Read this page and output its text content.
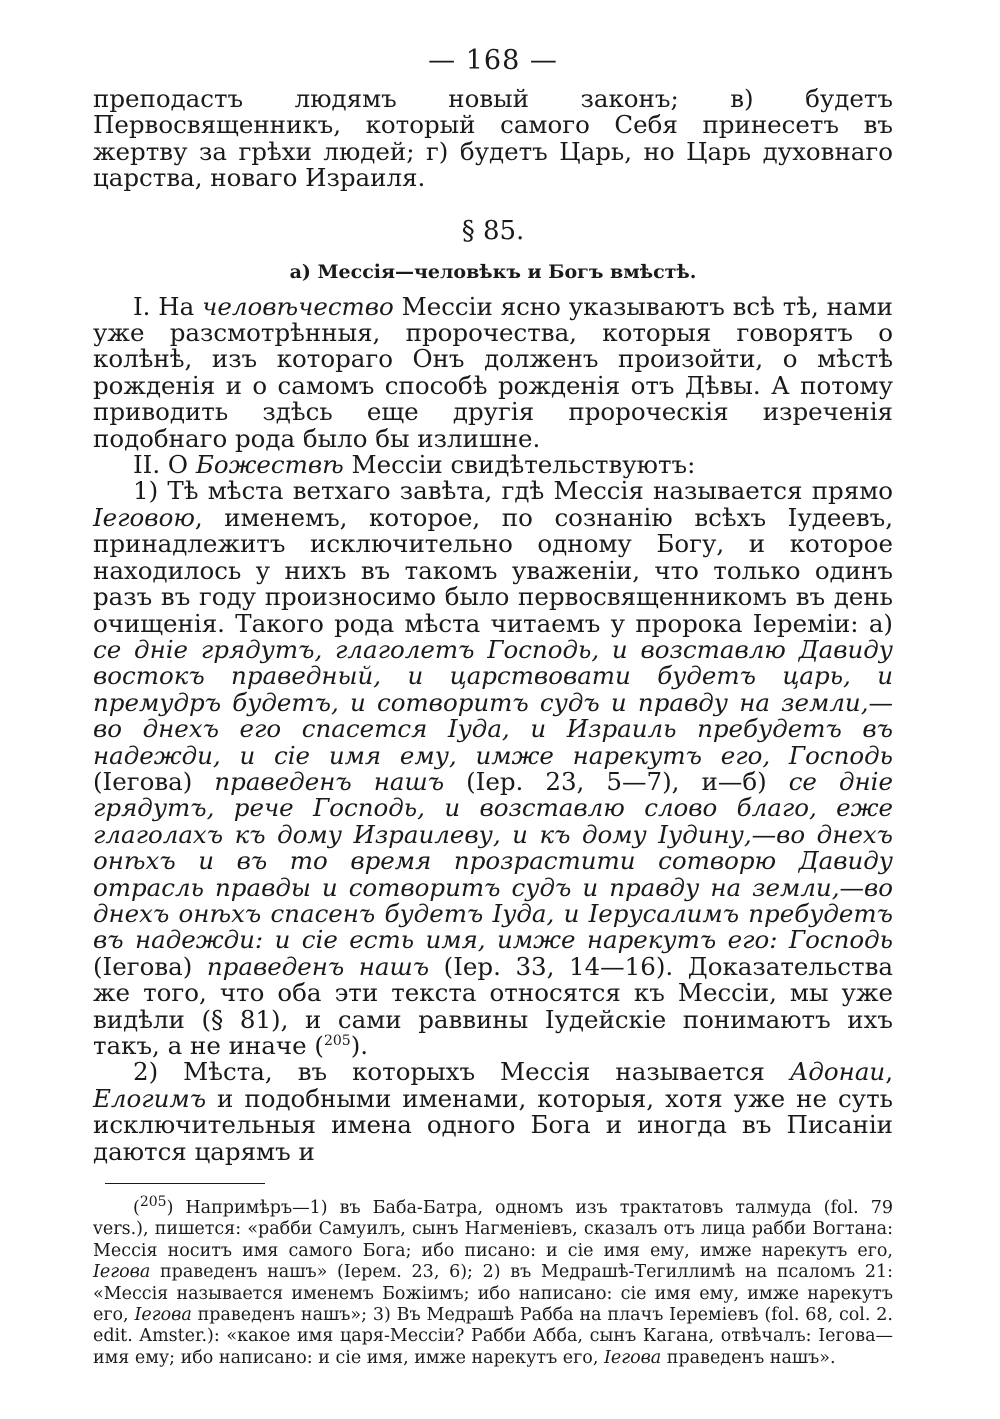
— 168 —

преподастъ людямъ новый законъ; в) будетъ Первосвященникъ, который самого Себя принесетъ въ жертву за грѣхи людей; г) будетъ Царь, но Царь духовнаго царства, новаго Израиля.

§ 85.
а) Мессія—человѣкъ и Богъ вмѣстѣ.

I. На человѣчество Мессіи ясно указываютъ всѣ тѣ, нами уже разсмотрѣнныя, пророчества, которыя говорятъ о колѣнѣ, изъ котораго Онъ долженъ произойти, о мѣстѣ рожденія и о самомъ способѣ рожденія отъ Дѣвы. А потому приводить здѣсь еще другія пророческія изреченія подобнаго рода было бы излишне.

II. О Божествѣ Мессіи свидѣтельствуютъ:

1) Тѣ мѣста ветхаго завѣта, гдѣ Мессія называется прямо Іеговою, именемъ, которое, по сознанію всѣхъ Іудеевъ, принадлежитъ исключительно одному Богу, и которое находилось у нихъ въ такомъ уваженіи, что только одинъ разъ въ году произносимо было первосвященникомъ въ день очищенія. Такого рода мѣста читаемъ у пророка Іереміи: а) се дніе грядутъ, глаголетъ Господь, и возставлю Давиду востокъ праведный, и царствовати будетъ царь, и премудръ будетъ, и сотворитъ судъ и правду на земли,—во днехъ его спасется Іуда, и Израиль пребудетъ въ надежди, и сіе имя ему, имже нарекутъ его, Господь (Іегова) праведенъ нашъ (Іер. 23, 5—7), и—б) се дніе грядутъ, рече Господь, и возставлю слово благо, еже глаголахъ къ дому Израилеву, и къ дому Іудину,—во днехъ онѣхъ и въ то время прозрастити сотворю Давиду отрасль правды и сотворитъ судъ и правду на земли,—во днехъ онѣхъ спасенъ будетъ Іуда, и Іерусалимъ пребудетъ въ надежди: и сіе есть имя, имже нарекутъ его: Господь (Іегова) праведенъ нашъ (Іер. 33, 14—16). Доказательства же того, что оба эти текста относятся къ Мессіи, мы уже видѣли (§ 81), и сами раввины Іудейскіе понимаютъ ихъ такъ, а не иначе ($^{205}$).

2) Мѣста, въ которыхъ Мессія называется Адонаи, Елогимъ и подобными именами, которыя, хотя уже не суть исключительныя имена одного Бога и иногда въ Писаніи даются царямъ и

($^{205}$) Напримѣръ—1) въ Баба-Батра, одномъ изъ трактатовъ талмуда (fol. 79 vers.), пишется: «рабби Самуилъ, сынъ Нагменіевъ, сказалъ отъ лица рабби Вогтана: Мессія носитъ имя самого Бога; ибо писано: и сіе имя ему, имже нарекутъ его, Іегова праведенъ нашъ» (Іерем. 23, 6); 2) въ Медрашѣ-Тегиллимѣ на псаломъ 21: «Мессія называется именемъ Божіимъ; ибо написано: сіе имя ему, имже нарекутъ его, Іегова праведенъ нашъ»; 3) Въ Медрашѣ Рабба на плачъ Іереміевъ (fol. 68, col. 2. edit. Amster.): «какое имя царя-Мессіи? Рабби Абба, сынъ Кагана, отвѣчалъ: Іегова—имя ему; ибо написано: и сіе имя, имже нарекутъ его, Іегова праведенъ нашъ».
